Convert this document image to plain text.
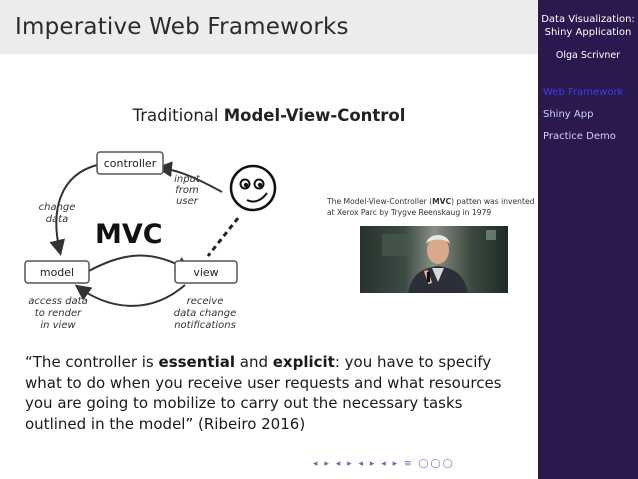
Imperative Web Frameworks
Traditional Model-View-Control
controller
model	view
MVC
change
data
input
from
user
access data
to render
in view
receive
data change
notifications
The Model-View-Controller (MVC) patten was invented at Xerox Parc by Trygve Reenskaug in 1979
“The controller is essential and explicit: you have to specify what to do when you receive user requests and what resources you are going to mobilize to carry out the necessary tasks outlined in the model” (Ribeiro 2016)
◂ ▸ ◂ ▸ ◂ ▸ ◂ ▸ ≡ ◯◯◯
Data Visualization:
Shiny Application
Olga Scrivner
Web Framework
Shiny App
Practice Demo
